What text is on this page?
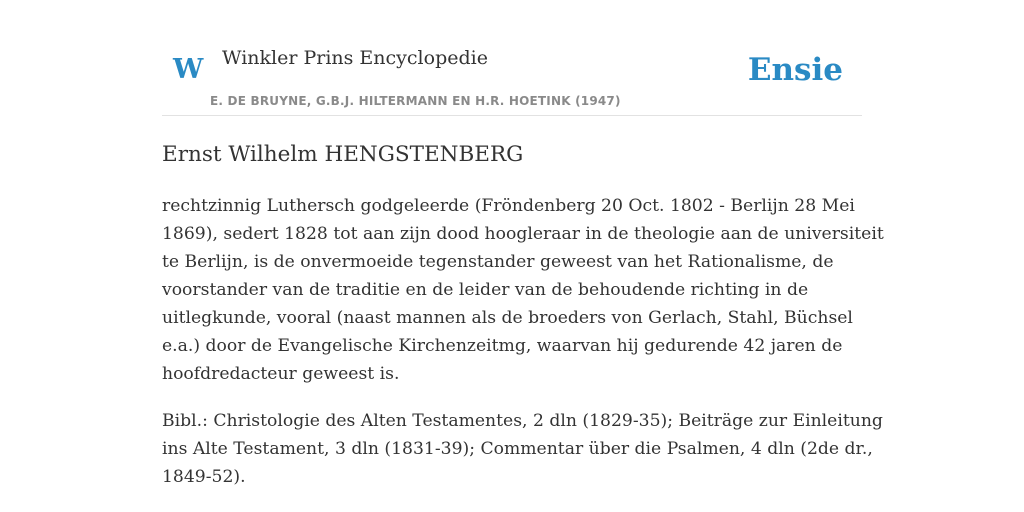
W Winkler Prins Encyclopedie	Ensie
E. DE BRUYNE, G.B.J. HILTERMANN EN H.R. HOETINK (1947)
Ernst Wilhelm HENGSTENBERG

rechtzinnig Luthersch godgeleerde (Fröndenberg 20 Oct. 1802 - Berlijn 28 Mei
1869), sedert 1828 tot aan zijn dood hoogleraar in de theologie aan de universiteit
te Berlijn, is de onvermoeide tegenstander geweest van het Rationalisme, de
voorstander van de traditie en de leider van de behoudende richting in de
uitlegkunde, vooral (naast mannen als de broeders von Gerlach, Stahl, Büchsel
e.a.) door de Evangelische Kirchenzeitmg, waarvan hij gedurende 42 jaren de
hoofdredacteur geweest is.

Bibl.: Christologie des Alten Testamentes, 2 dln (1829-35); Beiträge zur Einleitung
ins Alte Testament, 3 dln (1831-39); Commentar über die Psalmen, 4 dln (2de dr.,
1849-52).
